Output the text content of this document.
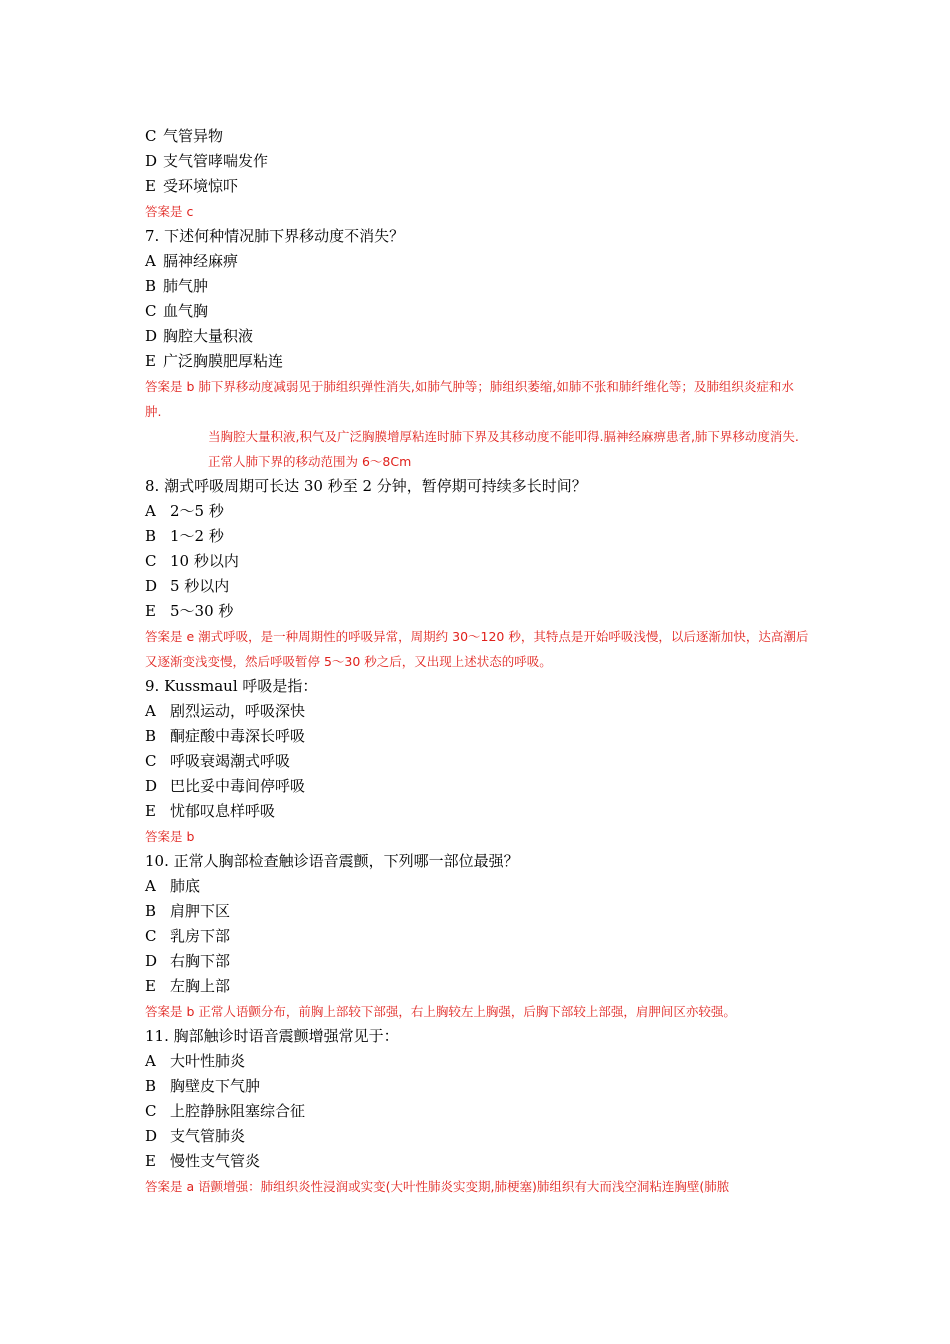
C 气管异物
D 支气管哮喘发作
E 受环境惊吓
答案是 c
7. 下述何种情况肺下界移动度不消失？
A 膈神经麻痹
B 肺气肿
C 血气胸
D 胸腔大量积液
E 广泛胸膜肥厚粘连
答案是 b 肺下界移动度减弱见于肺组织弹性消失,如肺气肿等；肺组织萎缩,如肺不张和肺纤维化等；及肺组织炎症和水肿.
当胸腔大量积液,积气及广泛胸膜增厚粘连时肺下界及其移动度不能叩得.膈神经麻痹患者,肺下界移动度消失.
正常人肺下界的移动范围为 6～8Cm
8. 潮式呼吸周期可长达 30 秒至 2 分钟，暂停期可持续多长时间？
A 2～5 秒
B 1～2 秒
C 10 秒以内
D 5 秒以内
E 5～30 秒
答案是 e 潮式呼吸，是一种周期性的呼吸异常，周期约 30～120 秒，其特点是开始呼吸浅慢，以后逐渐加快，达高潮后又逐渐变浅变慢，然后呼吸暂停 5～30 秒之后，又出现上述状态的呼吸。
9. Kussmaul 呼吸是指：
A 剧烈运动，呼吸深快
B 酮症酸中毒深长呼吸
C 呼吸衰竭潮式呼吸
D 巴比妥中毒间停呼吸
E 忧郁叹息样呼吸
答案是 b
10. 正常人胸部检查触诊语音震颤，下列哪一部位最强？
A 肺底
B 肩胛下区
C 乳房下部
D 右胸下部
E 左胸上部
答案是 b 正常人语颤分布，前胸上部较下部强，右上胸较左上胸强，后胸下部较上部强，肩胛间区亦较强。
11. 胸部触诊时语音震颤增强常见于：
A 大叶性肺炎
B 胸壁皮下气肿
C 上腔静脉阻塞综合征
D 支气管肺炎
E 慢性支气管炎
答案是 a 语颤增强：肺组织炎性浸润或实变(大叶性肺炎实变期,肺梗塞)肺组织有大而浅空洞粘连胸壁(肺脓
